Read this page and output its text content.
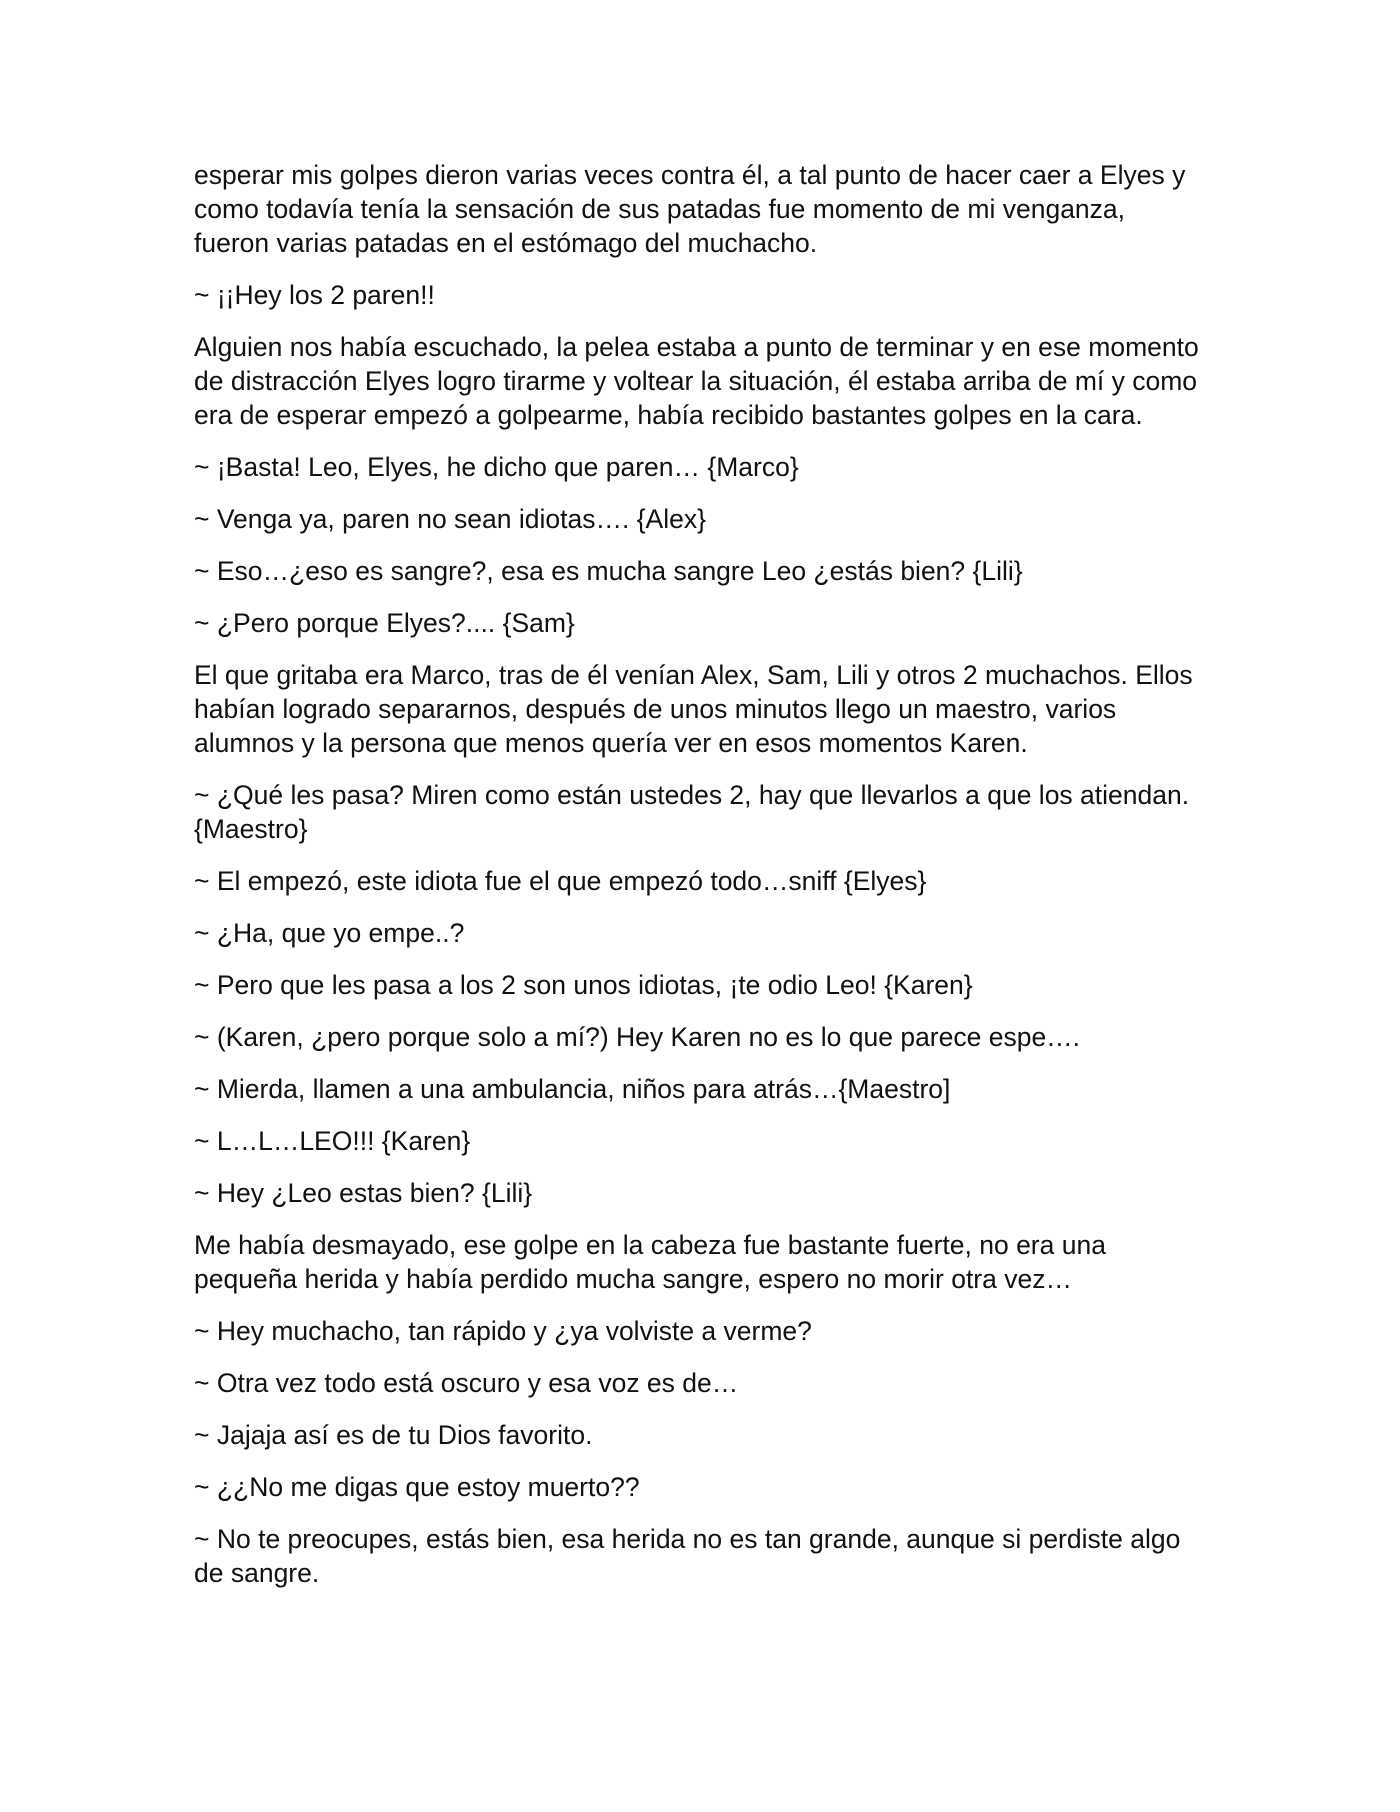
esperar mis golpes dieron varias veces contra él, a tal punto de hacer caer a Elyes y como todavía tenía la sensación de sus patadas fue momento de mi venganza, fueron varias patadas en el estómago del muchacho.

~ ¡¡Hey los 2 paren!!

Alguien nos había escuchado, la pelea estaba a punto de terminar y en ese momento de distracción Elyes logro tirarme y voltear la situación, él estaba arriba de mí y como era de esperar empezó a golpearme, había recibido bastantes golpes en la cara.

~ ¡Basta! Leo, Elyes, he dicho que paren… {Marco}

~ Venga ya, paren no sean idiotas…. {Alex}

~ Eso…¿eso es sangre?, esa es mucha sangre Leo ¿estás bien? {Lili}

~ ¿Pero porque Elyes?.... {Sam}

El que gritaba era Marco, tras de él venían Alex, Sam, Lili y otros 2 muchachos. Ellos habían logrado separarnos, después de unos minutos llego un maestro, varios alumnos y la persona que menos quería ver en esos momentos Karen.

~ ¿Qué les pasa? Miren como están ustedes 2, hay que llevarlos a que los atiendan. {Maestro}

~ El empezó, este idiota fue el que empezó todo…sniff {Elyes}

~ ¿Ha, que yo empe..?

~ Pero que les pasa a los 2 son unos idiotas, ¡te odio Leo! {Karen}

~ (Karen, ¿pero porque solo a mí?) Hey Karen no es lo que parece espe….

~ Mierda, llamen a una ambulancia, niños para atrás…{Maestro]

~ L…L…LEO!!! {Karen}

~ Hey ¿Leo estas bien? {Lili}

Me había desmayado, ese golpe en la cabeza fue bastante fuerte, no era una pequeña herida y había perdido mucha sangre, espero no morir otra vez…

~ Hey muchacho, tan rápido y ¿ya volviste a verme?

~ Otra vez todo está oscuro y esa voz es de…

~ Jajaja así es de tu Dios favorito.

~ ¿¿No me digas que estoy muerto??

~ No te preocupes, estás bien, esa herida no es tan grande, aunque si perdiste algo de sangre.
